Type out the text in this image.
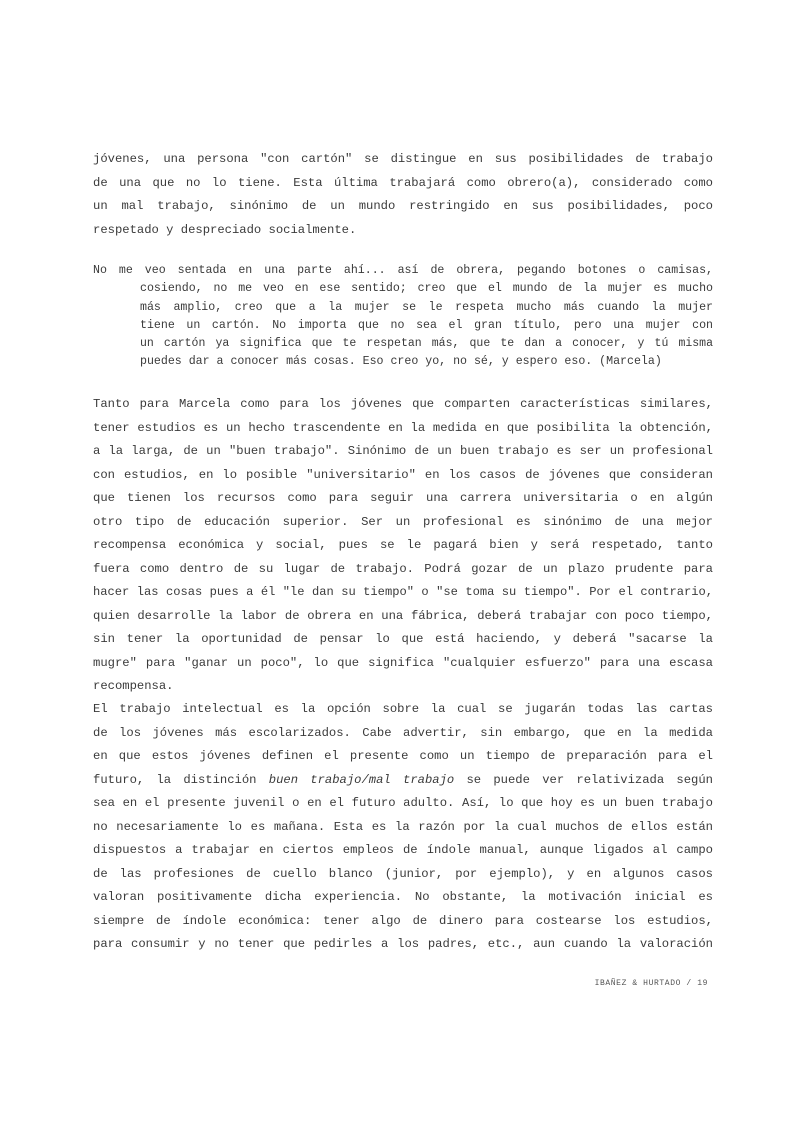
jóvenes, una persona "con cartón" se distingue en sus posibilidades de trabajo
de una que no lo tiene. Esta última trabajará como obrero(a), considerado como
un mal trabajo, sinónimo de un mundo restringido en sus posibilidades, poco
respetado y despreciado socialmente.
No me veo sentada en una parte ahí... así de obrera, pegando botones o camisas,
cosiendo, no me veo en ese sentido; creo que el mundo de la mujer es mucho
más amplio, creo que a la mujer se le respeta mucho más cuando la mujer
tiene un cartón. No importa que no sea el gran título, pero una mujer con
un cartón ya significa que te respetan más, que te dan a conocer, y tú misma
puedes dar a conocer más cosas. Eso creo yo, no sé, y espero eso. (Marcela)
Tanto para Marcela como para los jóvenes que comparten características similares,
tener estudios es un hecho trascendente en la medida en que posibilita la obtención,
a la larga, de un "buen trabajo". Sinónimo de un buen trabajo es ser un profesional
con estudios, en lo posible "universitario" en los casos de jóvenes que consideran
que tienen los recursos como para seguir una carrera universitaria o en algún
otro tipo de educación superior. Ser un profesional es sinónimo de una mejor
recompensa económica y social, pues se le pagará bien y será respetado, tanto
fuera como dentro de su lugar de trabajo. Podrá gozar de un plazo prudente para
hacer las cosas pues a él "le dan su tiempo" o "se toma su tiempo". Por el contrario,
quien desarrolle la labor de obrera en una fábrica, deberá trabajar con poco tiempo,
sin tener la oportunidad de pensar lo que está haciendo, y deberá "sacarse la
mugre" para "ganar un poco", lo que significa "cualquier esfuerzo" para una escasa
recompensa.
El trabajo intelectual es la opción sobre la cual se jugarán todas las cartas
de los jóvenes más escolarizados. Cabe advertir, sin embargo, que en la medida
en que estos jóvenes definen el presente como un tiempo de preparación para el
futuro, la distinción buen trabajo/mal trabajo se puede ver relativizada según
sea en el presente juvenil o en el futuro adulto. Así, lo que hoy es un buen trabajo
no necesariamente lo es mañana. Esta es la razón por la cual muchos de ellos están
dispuestos a trabajar en ciertos empleos de índole manual, aunque ligados al campo
de las profesiones de cuello blanco (junior, por ejemplo), y en algunos casos
valoran positivamente dicha experiencia. No obstante, la motivación inicial es
siempre de índole económica: tener algo de dinero para costearse los estudios,
para consumir y no tener que pedirles a los padres, etc., aun cuando la valoración
IBAÑEZ & HURTADO / 19
